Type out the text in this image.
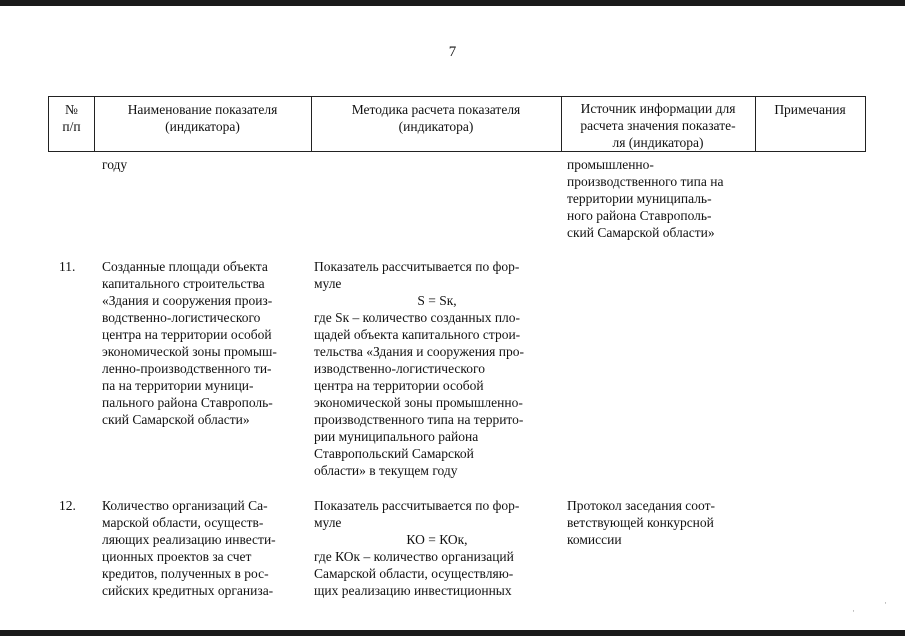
7
№
п/п
Наименование показателя
(индикатора)
Методика расчета показателя
(индикатора)
Источник информации для
расчета значения показате-
ля (индикатора)
Примечания
году	промышленно-
производственного типа на
территории муниципаль-
ного района Ставрополь-
ский Самарской области»
11. Созданные площади объекта
капитального строительства
«Здания и сооружения произ-
водственно-логистического
центра на территории особой
экономической зоны промыш-
ленно-производственного ти-
па на территории муници-
пального района Ставрополь-
ский Самарской области»
Показатель рассчитывается по фор-
муле
S = Sк,
где Sк – количество созданных пло-
щадей объекта капитального строи-
тельства «Здания и сооружения про-
изводственно-логистического
центра на территории особой
экономической зоны промышленно-
производственного типа на террито-
рии муниципального района
Ставропольский Самарской
области» в текущем году
12. Количество организаций Са-
марской области, осуществ-
ляющих реализацию инвести-
ционных проектов за счет
кредитов, полученных в рос-
сийских кредитных организа-
Показатель рассчитывается по фор-
муле
КО = КОк,
где КОк – количество организаций
Самарской области, осуществляю-
щих реализацию инвестиционных
Протокол заседания соот-
ветствующей конкурсной
комиссии
·
·
